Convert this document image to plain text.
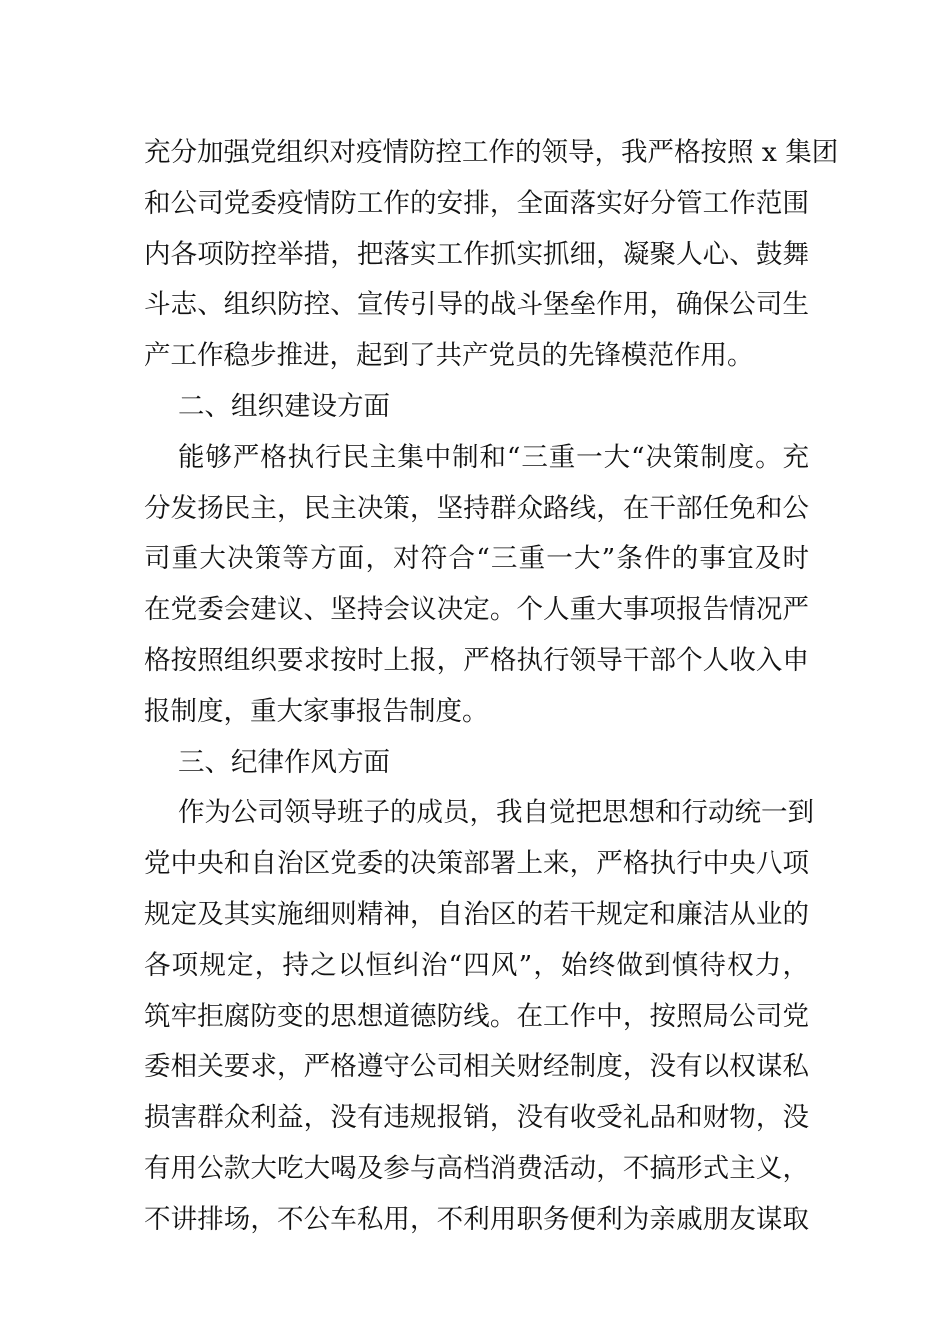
充分加强党组织对疫情防控工作的领导，我严格按照 x 集团
和公司党委疫情防工作的安排，全面落实好分管工作范围
内各项防控举措，把落实工作抓实抓细，凝聚人心、鼓舞
斗志、组织防控、宣传引导的战斗堡垒作用，确保公司生
产工作稳步推进，起到了共产党员的先锋模范作用。
二、组织建设方面
能够严格执行民主集中制和“三重一大“决策制度。充
分发扬民主，民主决策，坚持群众路线，在干部任免和公
司重大决策等方面，对符合“三重一大”条件的事宜及时
在党委会建议、坚持会议决定。个人重大事项报告情况严
格按照组织要求按时上报，严格执行领导干部个人收入申
报制度，重大家事报告制度。
三、纪律作风方面
作为公司领导班子的成员，我自觉把思想和行动统一到
党中央和自治区党委的决策部署上来，严格执行中央八项
规定及其实施细则精神，自治区的若干规定和廉洁从业的
各项规定，持之以恒纠治“四风”，始终做到慎待权力，
筑牢拒腐防变的思想道德防线。在工作中，按照局公司党
委相关要求，严格遵守公司相关财经制度，没有以权谋私
损害群众利益，没有违规报销，没有收受礼品和财物，没
有用公款大吃大喝及参与高档消费活动，不搞形式主义，
不讲排场，不公车私用，不利用职务便利为亲戚朋友谋取
